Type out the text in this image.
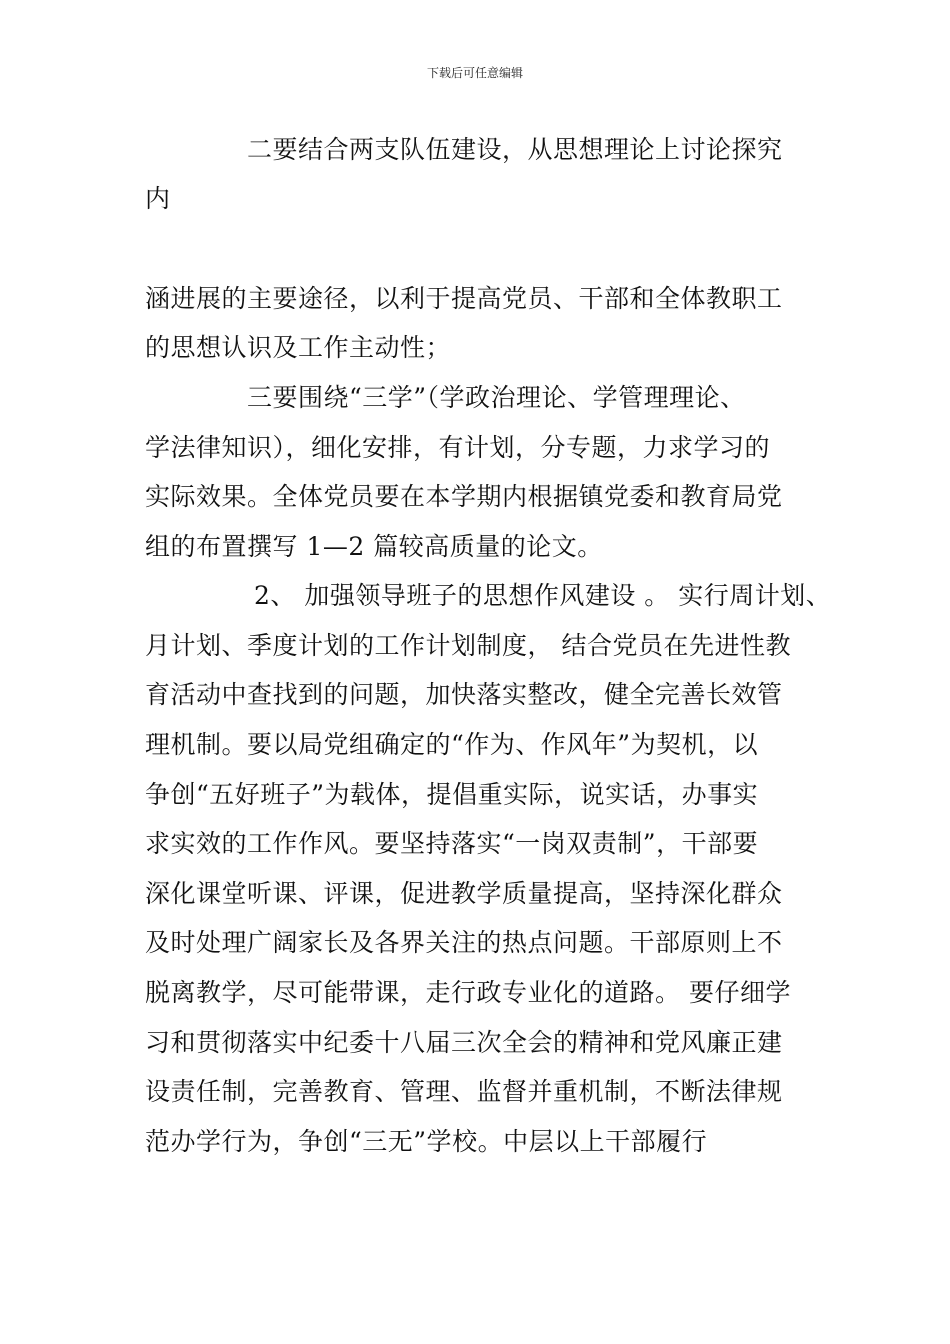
下载后可任意编辑
二要结合两支队伍建设，从思想理论上讨论探究
内
涵进展的主要途径，以利于提高党员、干部和全体教职工
的思想认识及工作主动性；
三要围绕“三学”（学政治理论、学管理理论、
学法律知识），细化安排，有计划，分专题，力求学习的
实际效果。全体党员要在本学期内根据镇党委和教育局党
组的布置撰写 1—2 篇较高质量的论文。
2、 加强领导班子的思想作风建设 。 实行周计划、
月计划、季度计划的工作计划制度， 结合党员在先进性教
育活动中查找到的问题，加快落实整改，健全完善长效管
理机制。要以局党组确定的“作为、作风年”为契机，以
争创“五好班子”为载体，提倡重实际，说实话，办事实
求实效的工作作风。要坚持落实“一岗双责制”，干部要
深化课堂听课、评课，促进教学质量提高，坚持深化群众
及时处理广阔家长及各界关注的热点问题。干部原则上不
脱离教学，尽可能带课，走行政专业化的道路。 要仔细学
习和贯彻落实中纪委十八届三次全会的精神和党风廉正建
设责任制，完善教育、管理、监督并重机制，不断法律规
范办学行为，争创“三无”学校。中层以上干部履行
